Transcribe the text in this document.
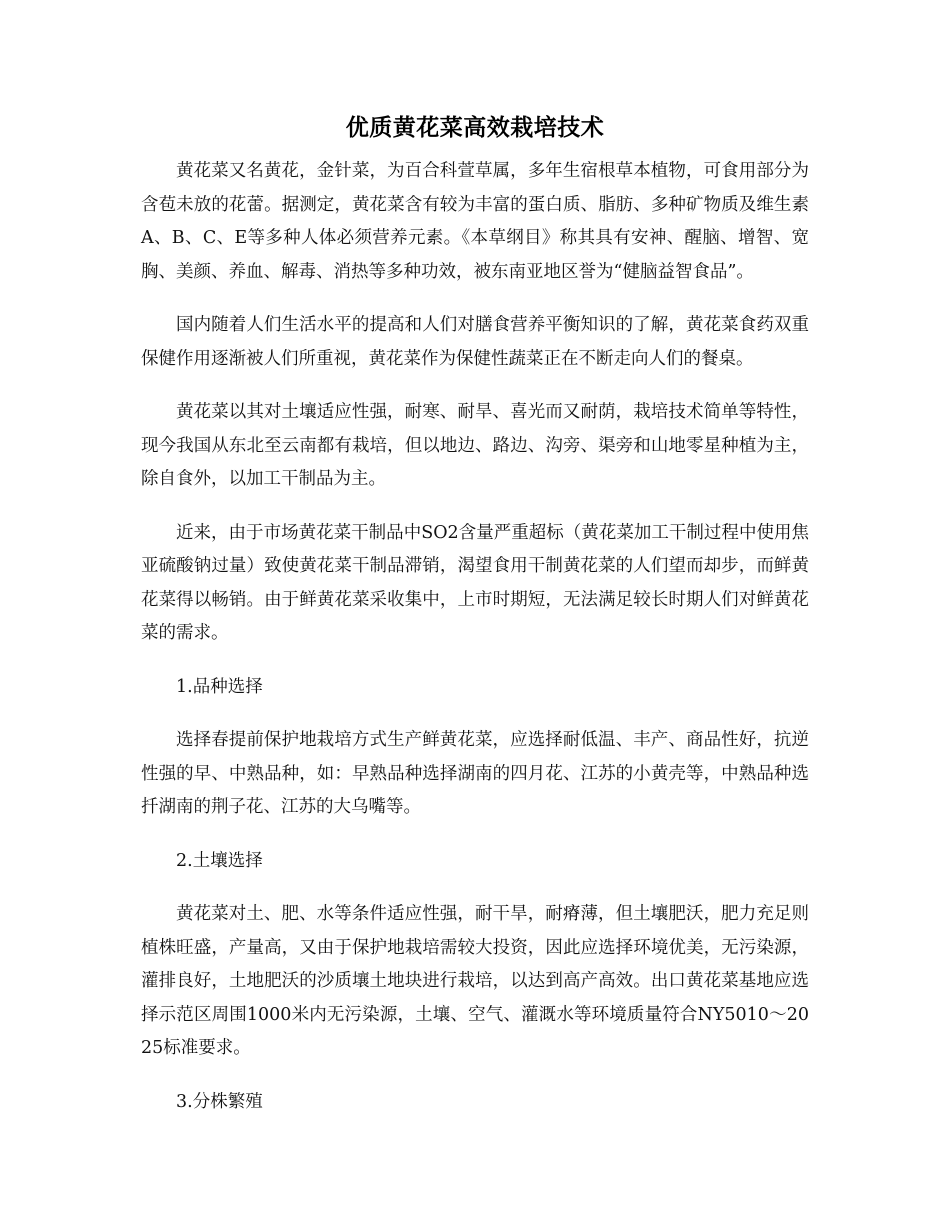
优质黄花菜高效栽培技术

黄花菜又名黄花，金针菜，为百合科萱草属，多年生宿根草本植物，可食用部分为含苞未放的花蕾。据测定，黄花菜含有较为丰富的蛋白质、脂肪、多种矿物质及维生素A、B、C、E等多种人体必须营养元素。《本草纲目》称其具有安神、醒脑、增智、宽胸、美颜、养血、解毒、消热等多种功效，被东南亚地区誉为“健脑益智食品”。

国内随着人们生活水平的提高和人们对膳食营养平衡知识的了解，黄花菜食药双重保健作用逐渐被人们所重视，黄花菜作为保健性蔬菜正在不断走向人们的餐桌。

黄花菜以其对土壤适应性强，耐寒、耐旱、喜光而又耐荫，栽培技术简单等特性，现今我国从东北至云南都有栽培，但以地边、路边、沟旁、渠旁和山地零星种植为主，除自食外，以加工干制品为主。

近来，由于市场黄花菜干制品中SO2含量严重超标（黄花菜加工干制过程中使用焦亚硫酸钠过量）致使黄花菜干制品滞销，渴望食用干制黄花菜的人们望而却步，而鲜黄花菜得以畅销。由于鲜黄花菜采收集中，上市时期短，无法满足较长时期人们对鲜黄花菜的需求。

1.品种选择

选择春提前保护地栽培方式生产鲜黄花菜，应选择耐低温、丰产、商品性好，抗逆性强的早、中熟品种，如：早熟品种选择湖南的四月花、江苏的小黄壳等，中熟品种选扦湖南的荆子花、江苏的大乌嘴等。

2.土壤选择

黄花菜对土、肥、水等条件适应性强，耐干旱，耐瘠薄，但土壤肥沃，肥力充足则植株旺盛，产量高，又由于保护地栽培需较大投资，因此应选择环境优美，无污染源，灌排良好，土地肥沃的沙质壤土地块进行栽培，以达到高产高效。出口黄花菜基地应选择示范区周围1000米内无污染源，土壤、空气、灌溉水等环境质量符合NY5010～2025标准要求。

3.分株繁殖
